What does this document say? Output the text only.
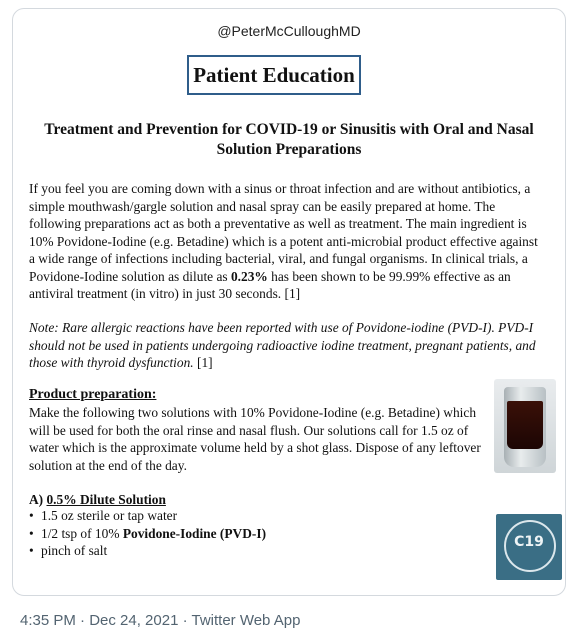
@PeterMcCulloughMD
Patient Education
Treatment and Prevention for COVID-19 or Sinusitis with Oral and Nasal Solution Preparations
If you feel you are coming down with a sinus or throat infection and are without antibiotics, a simple mouthwash/gargle solution and nasal spray can be easily prepared at home. The following preparations act as both a preventative as well as treatment. The main ingredient is 10% Povidone-Iodine (e.g. Betadine) which is a potent anti-microbial product effective against a wide range of infections including bacterial, viral, and fungal organisms. In clinical trials, a Povidone-Iodine solution as dilute as 0.23% has been shown to be 99.99% effective as an antiviral treatment (in vitro) in just 30 seconds. [1]
Note: Rare allergic reactions have been reported with use of Povidone-iodine (PVD-I). PVD-I should not be used in patients undergoing radioactive iodine treatment, pregnant patients, and those with thyroid dysfunction. [1]
Product preparation:
Make the following two solutions with 10% Povidone-Iodine (e.g. Betadine) which will be used for both the oral rinse and nasal flush. Our solutions call for 1.5 oz of water which is the approximate volume held by a shot glass. Dispose of any leftover solution at the end of the day.
A) 0.5% Dilute Solution
• 1.5 oz sterile or tap water
• 1/2 tsp of 10% Povidone-Iodine (PVD-I)
• pinch of salt
C19
4:35 PM · Dec 24, 2021 · Twitter Web App
